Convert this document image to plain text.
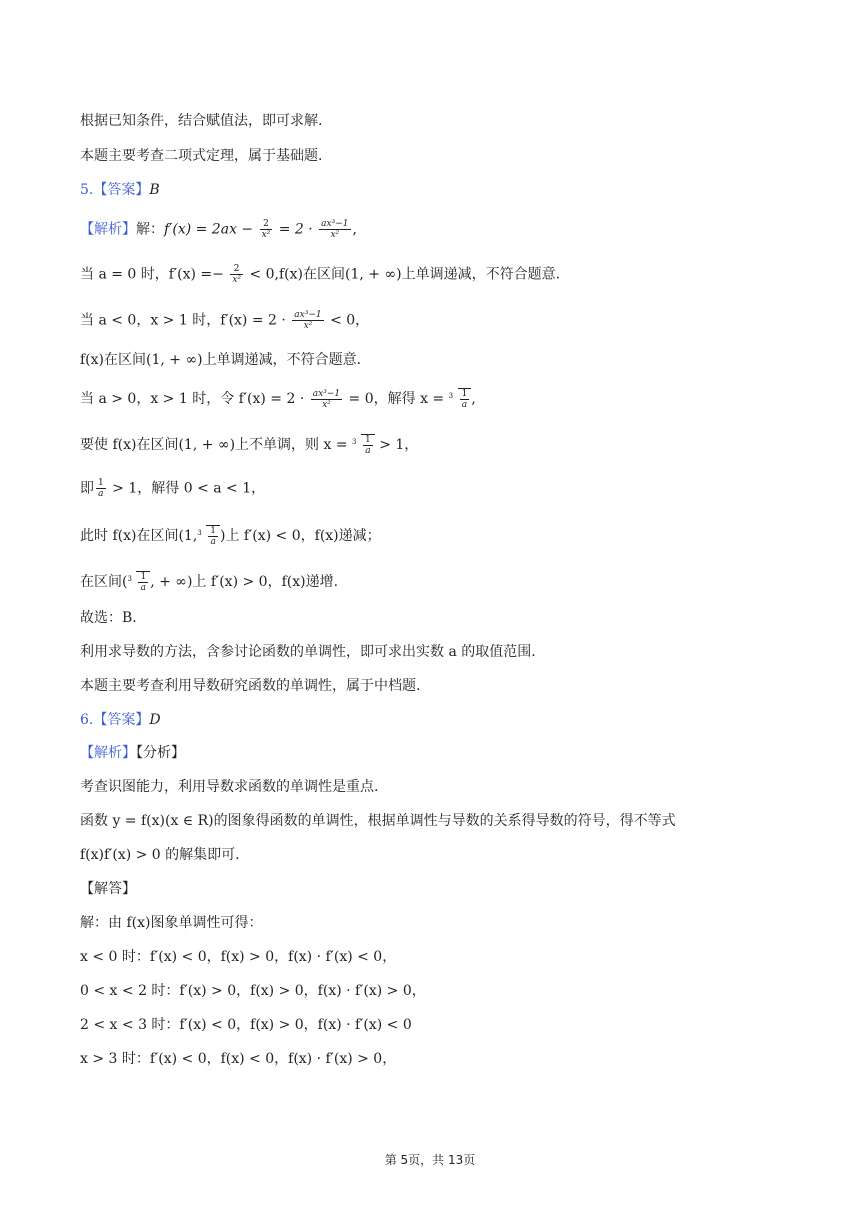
根据已知条件，结合赋值法，即可求解.
本题主要考查二项式定理，属于基础题.
5.【答案】B
【解析】解：$f'(x) = 2ax - \frac{2}{\text{x²}} = 2 \cdot \frac{\text{ax³−1}}{\text{x²}}$ ,
当 a = 0 时，$f'(x) =- \frac{2}{\text{x²}} < 0,f(x)$在区间(1, + ∞)上单调递减，不符合题意.
当 a < 0，x > 1 时，$f'(x) = 2 \cdot \frac{\text{ax³−1}}{\text{x²}} < 0$，
f(x)在区间(1, + ∞)上单调递减，不符合题意.
当 a > 0，x > 1 时，令 $f'(x) = 2 \cdot \frac{\text{ax³−1}}{\text{x²}} = 0$，解得 $x = 3 \frac{1}{a}$ ,
要使 f(x)在区间(1, + ∞)上不单调，则 $x = 3 \frac{1}{a} > 1$，
即 $\frac{1}{a} > 1$，解得 0 < a < 1，
此时 f(x)在区间(1, $3 \frac{1}{a}$ )上 f′(x) < 0，f(x)递减；
在区间( $3 \frac{1}{a}$ , + ∞)上 f′(x) > 0，f(x)递增.
故选：B.
利用求导数的方法，含参讨论函数的单调性，即可求出实数 a 的取值范围.
本题主要考查利用导数研究函数的单调性，属于中档题.
6.【答案】D
【解析】【分析】
考查识图能力，利用导数求函数的单调性是重点.
函数 y = f(x)(x ∈ R)的图象得函数的单调性，根据单调性与导数的关系得导数的符号，得不等式
f(x)f′(x) > 0 的解集即可.
【解答】
解：由 f(x)图象单调性可得：
x < 0 时：f′(x) < 0，f(x) > 0，f(x) · f′(x) < 0，
0 < x < 2 时：f′(x) > 0，f(x) > 0，f(x) · f′(x) > 0，
2 < x < 3 时：f′(x) < 0，f(x) > 0，f(x) · f′(x) < 0
x > 3 时：f′(x) < 0，f(x) < 0，f(x) · f′(x) > 0，
第 5页，共 13页
